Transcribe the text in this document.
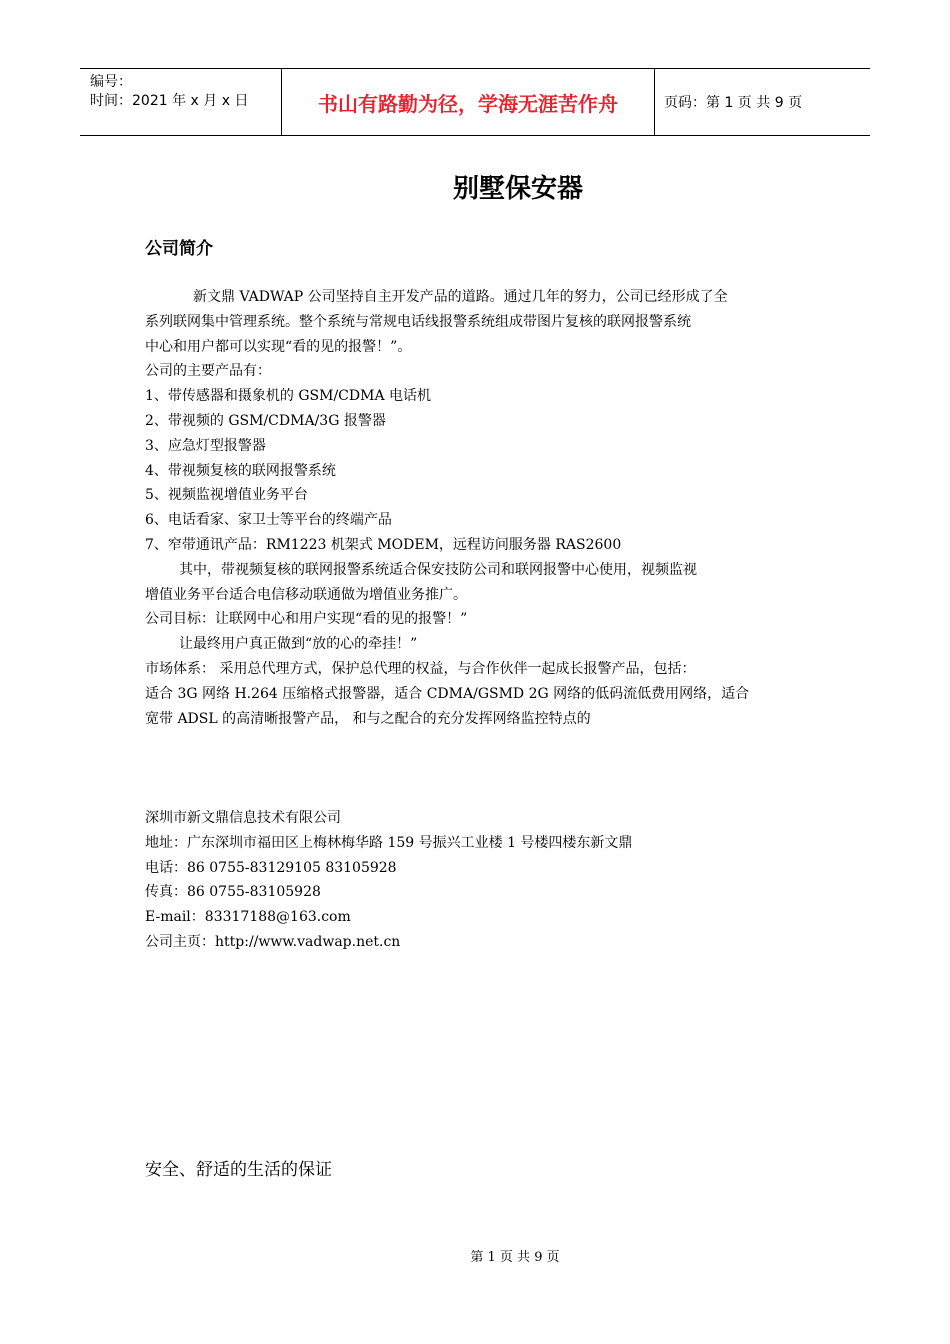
编号：
时间：2021 年 x 月 x 日	书山有路勤为径，学海无涯苦作舟	页码：第 1 页 共 9 页
别墅保安器
公司简介
新文鼎 VADWAP 公司坚持自主开发产品的道路。通过几年的努力，公司已经形成了全
系列联网集中管理系统。整个系统与常规电话线报警系统组成带图片复核的联网报警系统
中心和用户都可以实现“看的见的报警！”。
公司的主要产品有：
1、带传感器和摄象机的 GSM/CDMA 电话机
2、带视频的 GSM/CDMA/3G 报警器
3、应急灯型报警器
4、带视频复核的联网报警系统
5、视频监视增值业务平台
6、电话看家、家卫士等平台的终端产品
7、窄带通讯产品：RM1223 机架式 MODEM，远程访问服务器 RAS2600
其中，带视频复核的联网报警系统适合保安技防公司和联网报警中心使用，视频监视
增值业务平台适合电信移动联通做为增值业务推广。
公司目标：让联网中心和用户实现“看的见的报警！”
让最终用户真正做到“放的心的牵挂！”
市场体系： 采用总代理方式，保护总代理的权益，与合作伙伴一起成长报警产品，包括：
适合 3G 网络 H.264 压缩格式报警器，适合 CDMA/GSMD 2G 网络的低码流低费用网络，适合
宽带 ADSL 的高清晰报警产品， 和与之配合的充分发挥网络监控特点的
深圳市新文鼎信息技术有限公司
地址：广东深圳市福田区上梅林梅华路 159 号振兴工业楼 1 号楼四楼东新文鼎
电话：86 0755-83129105 83105928
传真：86 0755-83105928
E-mail：83317188@163.com
公司主页：http://www.vadwap.net.cn
安全、舒适的生活的保证
第 1 页 共 9 页
